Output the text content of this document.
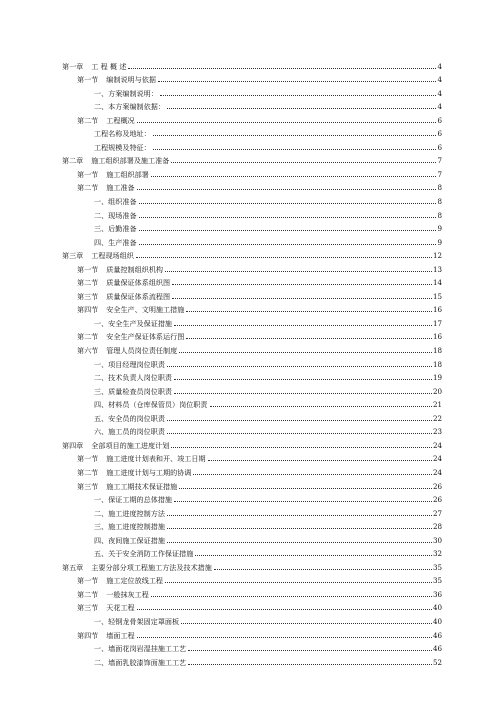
第一章 工 程 概 述	4
第一节 编制说明与依据	4
一、方案编制说明：	4
二、本方案编制依据：	4
第二节 工程概况	6
工程名称及地址：	6
工程规模及特征：	6
第二章 施工组织部署及施工准备	7
第一节 施工组织部署	7
第二节 施工准备	8
一、组织准备	8
二、现场准备	8
三、后勤准备	9
四、生产准备	9
第三章 工程现场组织	12
第一节 质量控制组织机构	13
第二节 质量保证体系组织图	14
第三节 质量保证体系流程图	15
第四节 安全生产、文明施工措施	16
一、安全生产及保证措施	17
第二节 安全生产保证体系运行图	16
第六节 管理人员岗位责任制度	18
一、项目经理岗位职责	18
二、技术负责人岗位职责	19
三、质量检查员岗位职责	20
四、材料员（仓库保管员）岗位职责	21
五、安全员的岗位职责	22
六、施工员的岗位职责	23
第四章 全部项目的施工进度计划	24
第一节 施工进度计划表和开、竣工日期	24
第二节 施工进度计划与工期的协调	24
第三节 施工工期技术保证措施	26
一、保证工期的总体措施	26
二、施工进度控制方法	27
三、施工进度控制措施	28
四、夜间施工保证措施	30
五、关于安全消防工作保证措施	32
第五章 主要分部分项工程施工方法及技术措施	35
第一节 施工定位放线工程	35
第二节 一般抹灰工程	36
第三节 天花工程	40
一、轻钢龙骨架固定罩面板	40
第四节 墙面工程	46
一、墙面花岗岩湿挂施工工艺	46
二、墙面乳胶漆饰面施工工艺	52
